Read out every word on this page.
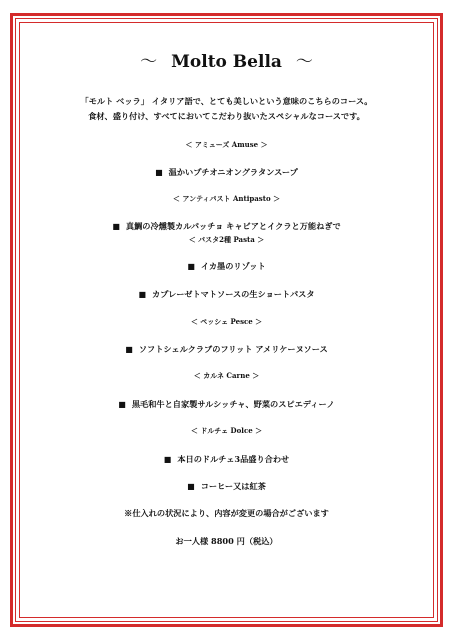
～ Molto Bella ～
「モルト ベッラ」 イタリア語で、とても美しいという意味のこちらのコース。
食材、盛り付け、すべてにおいてこだわり抜いたスペシャルなコースです。
＜ アミューズ Amuse ＞
■ 温かいプチオニオングラタンスープ
＜ アンティパスト Antipasto ＞
■ 真鯛の冷燻製カルパッチョ キャビアとイクラと万能ねぎで
＜ パスタ2種 Pasta ＞
■ イカ墨のリゾット
■ カプレーゼトマトソースの生ショートパスタ
＜ ペッシェ Pesce ＞
■ ソフトシェルクラブのフリット アメリケーヌソース
＜ カルネ Carne ＞
■ 黒毛和牛と自家製サルシッチャ、野菜のスピエディーノ
＜ ドルチェ Dolce ＞
■ 本日のドルチェ3品盛り合わせ
■ コーヒー又は紅茶
※仕入れの状況により、内容が変更の場合がございます
お一人様 8800 円（税込）
